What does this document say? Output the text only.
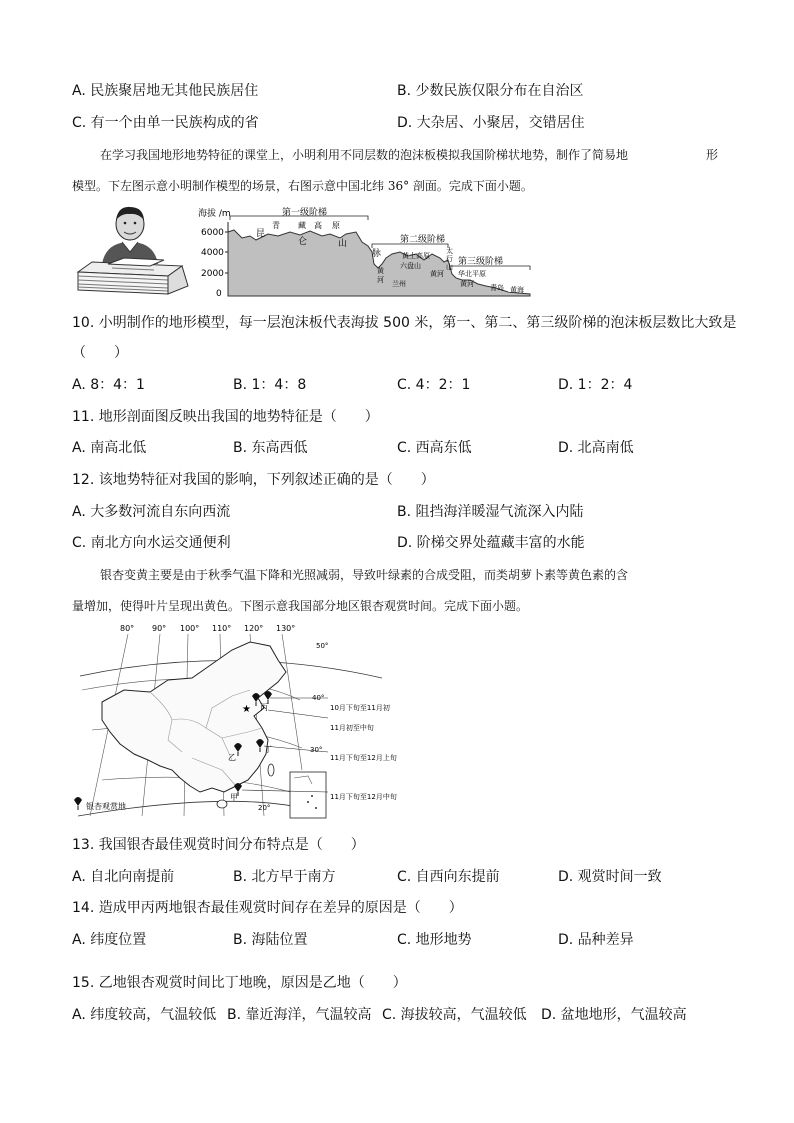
A. 民族聚居地无其他民族居住	B. 少数民族仅限分布在自治区
C. 有一个由单一民族构成的省	D. 大杂居、小聚居，交错居住
在学习我国地形地势特征的课堂上，小明利用不同层数的泡沫板模拟我国阶梯状地势，制作了简易地	形
模型。下左图示意小明制作模型的场景，右图示意中国北纬 36° 剖面。完成下面小题。
海拔 /m
6000
4000
2000
0
第一级阶梯
第二级阶梯
第三级阶梯
青 藏 高 原
昆
仑	山
脉	黄土高原
六盘山
黄
河 兰州
黄河
太
行
山
华北平原
黄河 青岛 黄海
10. 小明制作的地形模型，每一层泡沫板代表海拔 500 米，第一、第二、第三级阶梯的泡沫板层数比大致是
（　　）
A. 8：4：1	B. 1：4：8	C. 4：2：1	D. 1：2：4
11. 地形剖面图反映出我国的地势特征是（　　）
A. 南高北低	B. 东高西低	C. 西高东低	D. 北高南低
12. 该地势特征对我国的影响，下列叙述正确的是（　　）
A. 大多数河流自东向西流	B. 阻挡海洋暖湿气流深入内陆
C. 南北方向水运交通便利	D. 阶梯交界处蕴藏丰富的水能
银杏变黄主要是由于秋季气温下降和光照减弱，导致叶绿素的合成受阻，而类胡萝卜素等黄色素的含
量增加，使得叶片呈现出黄色。下图示意我国部分地区银杏观赏时间。完成下面小题。
80° 90° 100° 110° 120° 130°
50°
40°
30°
20°
★ 丙
丁
乙
甲
10月下旬至11月初
11月初至中旬
11月下旬至12月上旬
11月下旬至12月中旬
银杏观赏地
13. 我国银杏最佳观赏时间分布特点是（　　）
A. 自北向南提前	B. 北方早于南方	C. 自西向东提前	D. 观赏时间一致
14. 造成甲丙两地银杏最佳观赏时间存在差异的原因是（　　）
A. 纬度位置	B. 海陆位置	C. 地形地势	D. 品种差异
15. 乙地银杏观赏时间比丁地晚，原因是乙地（　　）
A. 纬度较高，气温较低 B. 靠近海洋，气温较高 C. 海拔较高，气温较低 D. 盆地地形，气温较高
